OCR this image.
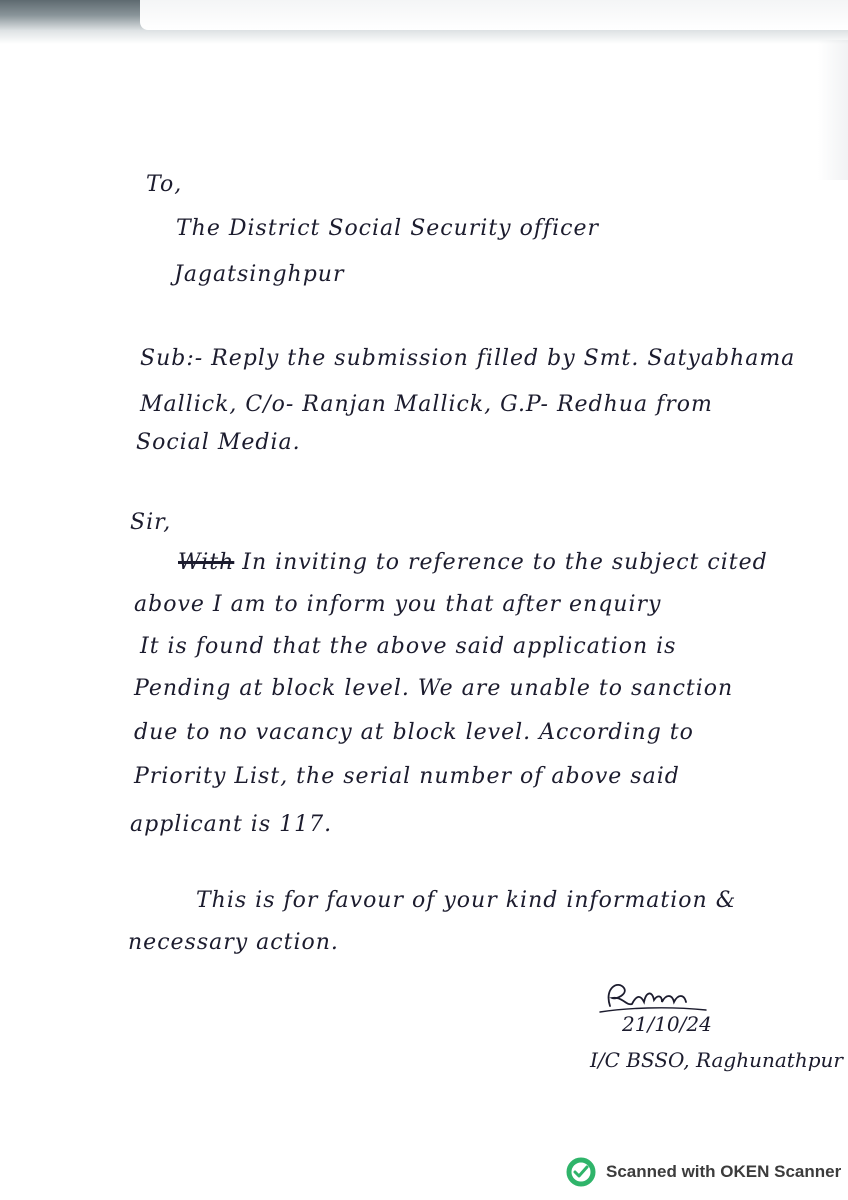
To,
The District Social Security officer
Jagatsinghpur
Sub:- Reply the submission filled by Smt. Satyabhama
Mallick, C/o- Ranjan Mallick, G.P- Redhua from
Social Media.
Sir,
With In inviting to reference to the subject cited
above I am to inform you that after enquiry
It is found that the above said application is
Pending at block level. We are unable to sanction
due to no vacancy at block level. According to
Priority List, the serial number of above said
applicant is 117.
This is for favour of your kind information &
necessary action.
21/10/24
I/C BSSO, Raghunathpur
Scanned with OKEN Scanner
